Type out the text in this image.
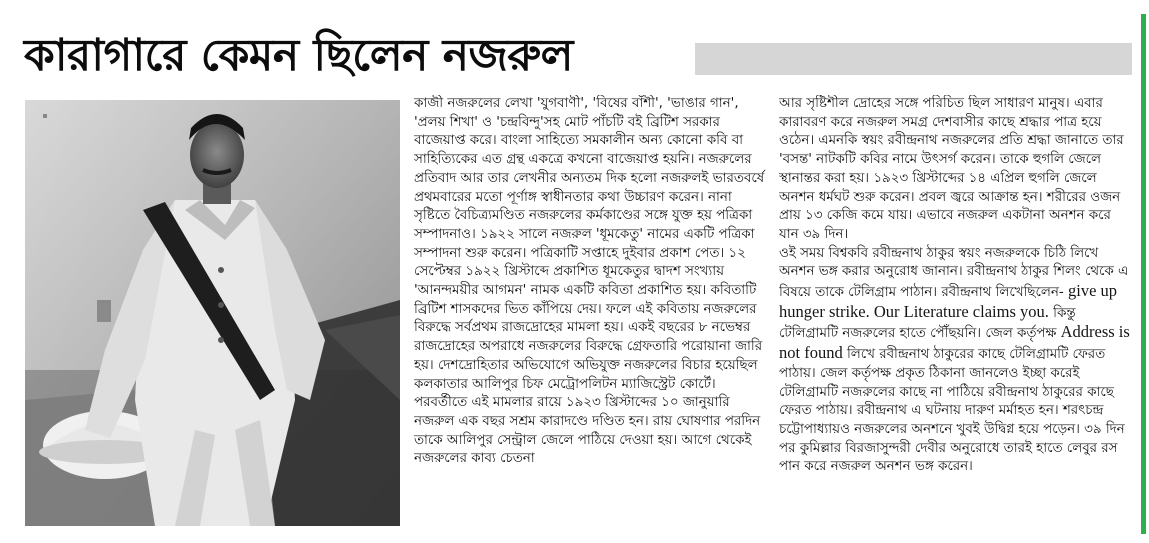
কারাগারে কেমন ছিলেন নজরুল

কাজী নজরুলের লেখা 'যুগবাণী', 'বিষের বাঁশী', 'ভাঙার গান', 'প্রলয় শিখা' ও 'চন্দ্রবিন্দু'সহ মোট পাঁচটি বই ব্রিটিশ সরকার বাজেয়াপ্ত করে। বাংলা সাহিত্যে সমকালীন অন্য কোনো কবি বা সাহিত্যিকের এত গ্রন্থ একত্রে কখনো বাজেয়াপ্ত হয়নি। নজরুলের প্রতিবাদ আর তার লেখনীর অন্যতম দিক হলো নজরুলই ভারতবর্ষে প্রথমবারের মতো পূর্ণাঙ্গ স্বাধীনতার কথা উচ্চারণ করেন। নানা সৃষ্টিতে বৈচিত্র্যমণ্ডিত নজরুলের কর্মকাণ্ডের সঙ্গে যুক্ত হয় পত্রিকা সম্পাদনাও। ১৯২২ সালে নজরুল 'ধূমকেতু' নামের একটি পত্রিকা সম্পাদনা শুরু করেন। পত্রিকাটি সপ্তাহে দুইবার প্রকাশ পেত। ১২ সেপ্টেম্বর ১৯২২ খ্রিস্টাব্দে প্রকাশিত ধূমকেতুর দ্বাদশ সংখ্যায় 'আনন্দময়ীর আগমন' নামক একটি কবিতা প্রকাশিত হয়। কবিতাটি ব্রিটিশ শাসকদের ভিত কাঁপিয়ে দেয়। ফলে এই কবিতায় নজরুলের বিরুদ্ধে সর্বপ্রথম রাজদ্রোহের মামলা হয়। একই বছরের ৮ নভেম্বর রাজদ্রোহের অপরাধে নজরুলের বিরুদ্ধে গ্রেফতারি পরোয়ানা জারি হয়। দেশদ্রোহিতার অভিযোগে অভিযুক্ত নজরুলের বিচার হয়েছিল কলকাতার আলিপুর চিফ মেট্রোপলিটন ম্যাজিস্ট্রেট কোর্টে। পরবর্তীতে এই মামলার রায়ে ১৯২৩ খ্রিস্টাব্দের ১০ জানুয়ারি নজরুল এক বছর সশ্রম কারাদণ্ডে দণ্ডিত হন। রায় ঘোষণার পরদিন তাকে আলিপুর সেন্ট্রাল জেলে পাঠিয়ে দেওয়া হয়। আগে থেকেই নজরুলের কাব্য চেতনা

আর সৃষ্টিশীল দ্রোহের সঙ্গে পরিচিত ছিল সাধারণ মানুষ। এবার কারাবরণ করে নজরুল সমগ্র দেশবাসীর কাছে শ্রদ্ধার পাত্র হয়ে ওঠেন। এমনকি স্বয়ং রবীন্দ্রনাথ নজরুলের প্রতি শ্রদ্ধা জানাতে তার 'বসন্ত' নাটকটি কবির নামে উৎসর্গ করেন। তাকে হুগলি জেলে স্থানান্তর করা হয়। ১৯২৩ খ্রিস্টাব্দের ১৪ এপ্রিল হুগলি জেলে অনশন ধর্মঘট শুরু করেন। প্রবল জ্বরে আক্রান্ত হন। শরীরের ওজন প্রায় ১৩ কেজি কমে যায়। এভাবে নজরুল একটানা অনশন করে যান ৩৯ দিন।

ওই সময় বিশ্বকবি রবীন্দ্রনাথ ঠাকুর স্বয়ং নজরুলকে চিঠি লিখে অনশন ভঙ্গ করার অনুরোধ জানান। রবীন্দ্রনাথ ঠাকুর শিলং থেকে এ বিষয়ে তাকে টেলিগ্রাম পাঠান। রবীন্দ্রনাথ লিখেছিলেন- give up hunger strike. Our Literature claims you. কিন্তু টেলিগ্রামটি নজরুলের হাতে পৌঁছয়নি। জেল কর্তৃপক্ষ Address is not found লিখে রবীন্দ্রনাথ ঠাকুরের কাছে টেলিগ্রামটি ফেরত পাঠায়। জেল কর্তৃপক্ষ প্রকৃত ঠিকানা জানলেও ইচ্ছা করেই টেলিগ্রামটি নজরুলের কাছে না পাঠিয়ে রবীন্দ্রনাথ ঠাকুরের কাছে ফেরত পাঠায়। রবীন্দ্রনাথ এ ঘটনায় দারুণ মর্মাহত হন। শরৎচন্দ্র চট্টোপাধ্যায়ও নজরুলের অনশনে খুবই উদ্বিগ্ন হয়ে পড়েন। ৩৯ দিন পর কুমিল্লার বিরজাসুন্দরী দেবীর অনুরোধে তারই হাতে লেবুর রস পান করে নজরুল অনশন ভঙ্গ করেন।
